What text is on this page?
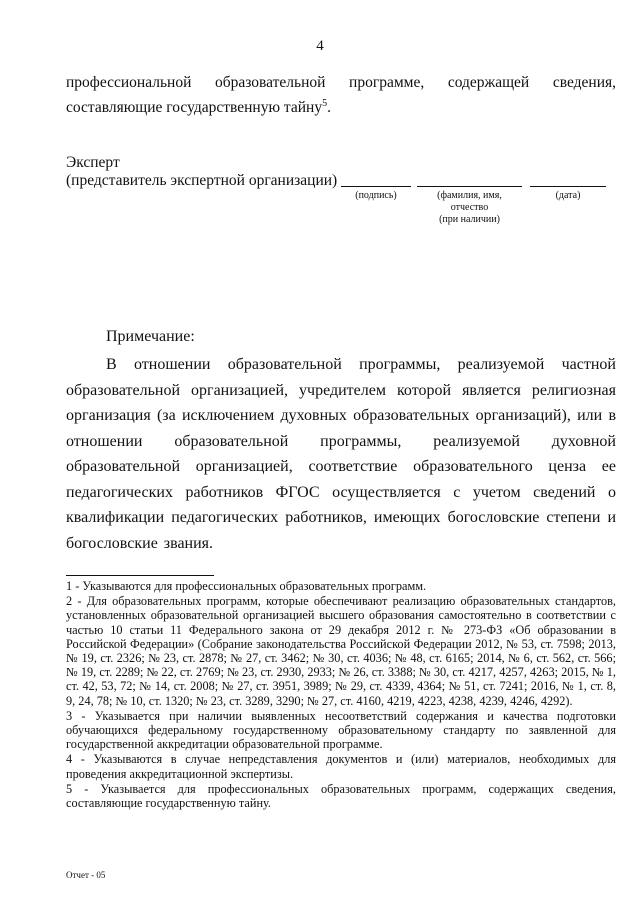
4
профессиональной образовательной программе, содержащей сведения, составляющие государственную тайну$^5$.
Эксперт
(представитель экспертной организации)
(подпись)	(фамилия, имя,
отчество
(при наличии)
(дата)
Примечание:
В отношении образовательной программы, реализуемой частной образовательной организацией, учредителем которой является религиозная организация (за исключением духовных образовательных организаций), или в отношении образовательной программы, реализуемой духовной образовательной организацией, соответствие образовательного ценза ее педагогических работников ФГОС осуществляется с учетом сведений о квалификации педагогических работников, имеющих богословские степени и богословские звания.

1 - Указываются для профессиональных образовательных программ.

2 - Для образовательных программ, которые обеспечивают реализацию образовательных стандартов, установленных образовательной организацией высшего образования самостоятельно в соответствии с частью 10 статьи 11 Федерального закона от 29 декабря 2012 г. № 273-ФЗ «Об образовании в Российской Федерации» (Собрание законодательства Российской Федерации 2012, № 53, ст. 7598; 2013, № 19, ст. 2326; № 23, ст. 2878; № 27, ст. 3462; № 30, ст. 4036; № 48, ст. 6165; 2014, № 6, ст. 562, ст. 566; № 19, ст. 2289; № 22, ст. 2769; № 23, ст. 2930, 2933; № 26, ст. 3388; № 30, ст. 4217, 4257, 4263; 2015, № 1, ст. 42, 53, 72; № 14, ст. 2008; № 27, ст. 3951, 3989; № 29, ст. 4339, 4364; № 51, ст. 7241; 2016, № 1, ст. 8, 9, 24, 78; № 10, ст. 1320; № 23, ст. 3289, 3290; № 27, ст. 4160, 4219, 4223, 4238, 4239, 4246, 4292).

3 - Указывается при наличии выявленных несоответствий содержания и качества подготовки обучающихся федеральному государственному образовательному стандарту по заявленной для государственной аккредитации образовательной программе.

4 - Указываются в случае непредставления документов и (или) материалов, необходимых для проведения аккредитационной экспертизы.

5 - Указывается для профессиональных образовательных программ, содержащих сведения, составляющие государственную тайну.

Отчет - 05
